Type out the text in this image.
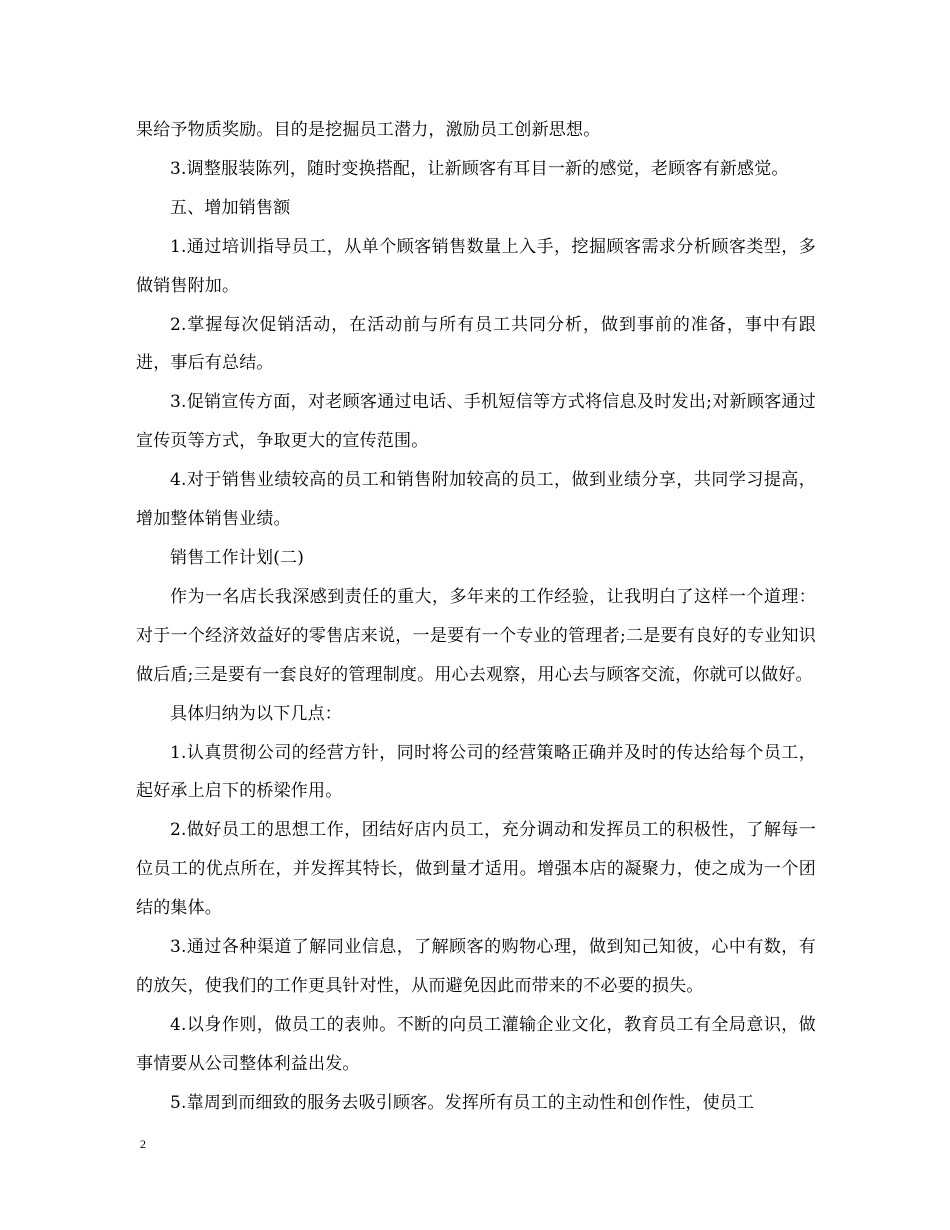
果给予物质奖励。目的是挖掘员工潜力，激励员工创新思想。

3.调整服装陈列，随时变换搭配，让新顾客有耳目一新的感觉，老顾客有新感觉。

五、增加销售额

1.通过培训指导员工，从单个顾客销售数量上入手，挖掘顾客需求分析顾客类型，多做销售附加。

2.掌握每次促销活动，在活动前与所有员工共同分析，做到事前的准备，事中有跟进，事后有总结。

3.促销宣传方面，对老顾客通过电话、手机短信等方式将信息及时发出;对新顾客通过宣传页等方式，争取更大的宣传范围。

4.对于销售业绩较高的员工和销售附加较高的员工，做到业绩分享，共同学习提高，增加整体销售业绩。

销售工作计划(二)

作为一名店长我深感到责任的重大，多年来的工作经验，让我明白了这样一个道理：对于一个经济效益好的零售店来说，一是要有一个专业的管理者;二是要有良好的专业知识做后盾;三是要有一套良好的管理制度。用心去观察，用心去与顾客交流，你就可以做好。

具体归纳为以下几点：

1.认真贯彻公司的经营方针，同时将公司的经营策略正确并及时的传达给每个员工，起好承上启下的桥梁作用。

2.做好员工的思想工作，团结好店内员工，充分调动和发挥员工的积极性，了解每一位员工的优点所在，并发挥其特长，做到量才适用。增强本店的凝聚力，使之成为一个团结的集体。

3.通过各种渠道了解同业信息，了解顾客的购物心理，做到知己知彼，心中有数，有的放矢，使我们的工作更具针对性，从而避免因此而带来的不必要的损失。

4.以身作则，做员工的表帅。不断的向员工灌输企业文化，教育员工有全局意识，做事情要从公司整体利益出发。

5.靠周到而细致的服务去吸引顾客。发挥所有员工的主动性和创作性，使员工

2
